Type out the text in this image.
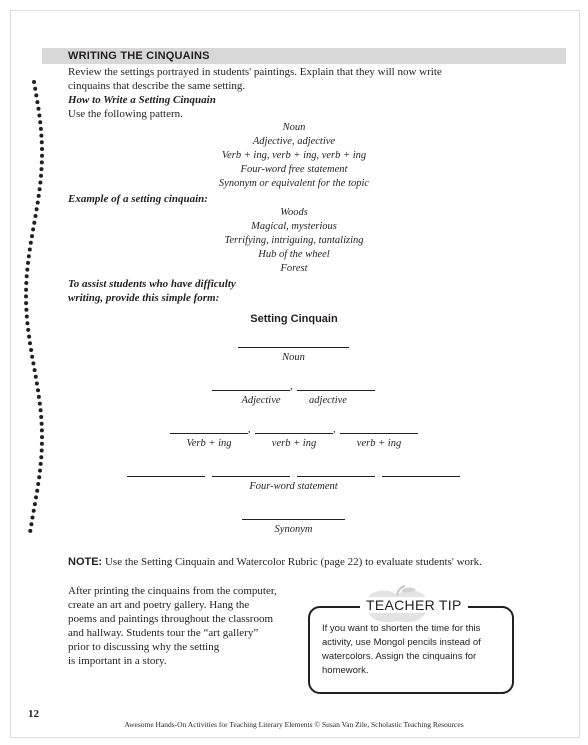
WRITING THE CINQUAINS
Review the settings portrayed in students' paintings. Explain that they will now write
cinquains that describe the same setting.
How to Write a Setting Cinquain
Use the following pattern.
Noun
Adjective, adjective
Verb + ing, verb + ing, verb + ing
Four-word free statement
Synonym or equivalent for the topic
Example of a setting cinquain:
Woods
Magical, mysterious
Terrifying, intriguing, tantalizing
Hub of the wheel
Forest
To assist students who have difficulty
writing, provide this simple form:
Setting Cinquain
Noun
,
Adjective	adjective
,	,
Verb + ing	verb + ing	verb + ing
Four-word statement
Synonym
NOTE: Use the Setting Cinquain and Watercolor Rubric (page 22) to evaluate students' work.
After printing the cinquains from the computer,
create an art and poetry gallery. Hang the
poems and paintings throughout the classroom
and hallway. Students tour the “art gallery”
prior to discussing why the setting
is important in a story.
TEACHER TIP
If you want to shorten the time for this
activity, use Mongol pencils instead of
watercolors. Assign the cinquains for
homework.
12
Awesome Hands-On Activities for Teaching Literary Elements © Susan Van Zile, Scholastic Teaching Resources
